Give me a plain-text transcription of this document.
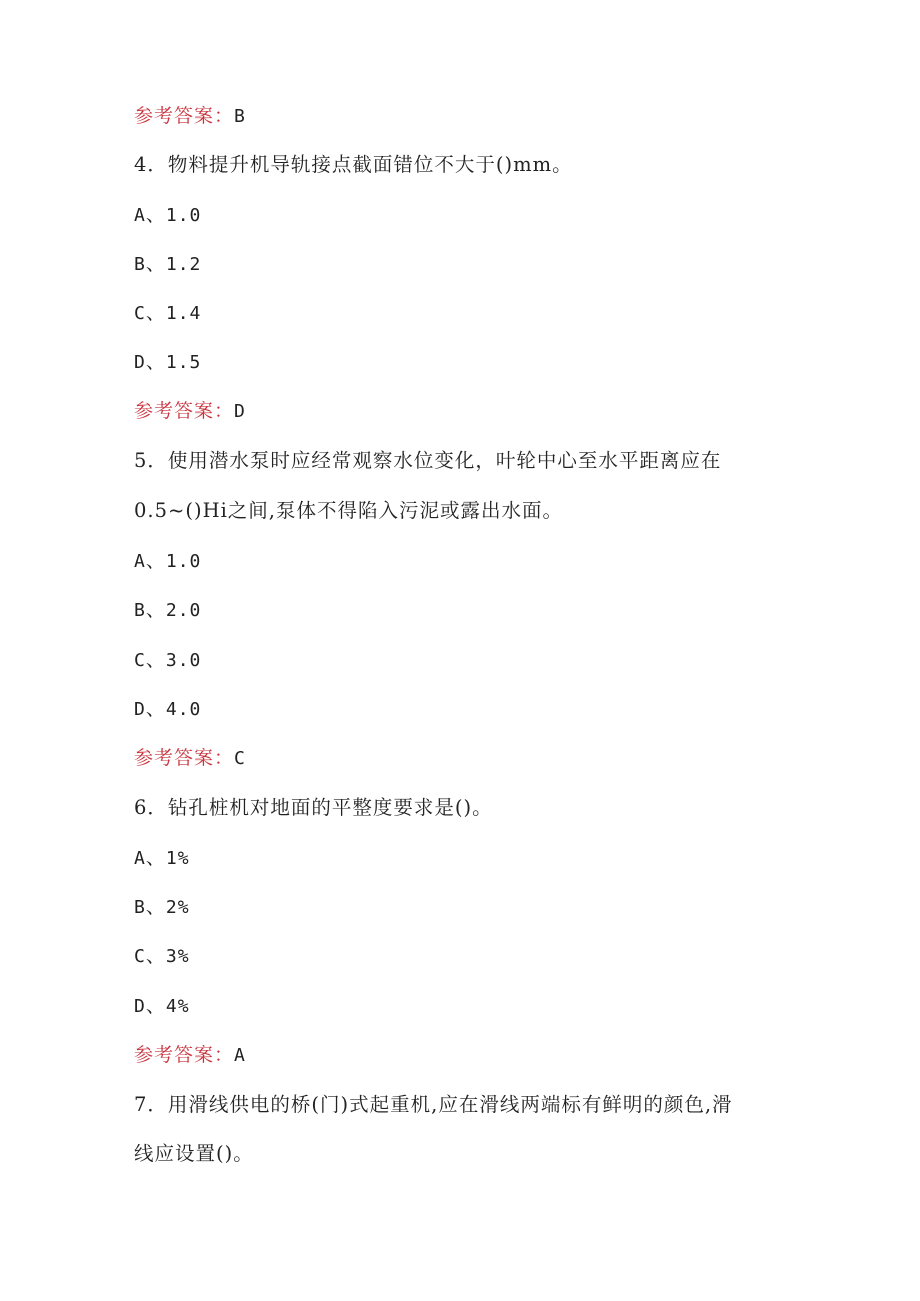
参考答案：B
4．物料提升机导轨接点截面错位不大于()mm。
A、1.0
B、1.2
C、1.4
D、1.5
参考答案：D
5．使用潜水泵时应经常观察水位变化，叶轮中心至水平距离应在
0.5~()Hi之间,泵体不得陷入污泥或露出水面。
A、1.0
B、2.0
C、3.0
D、4.0
参考答案：C
6．钻孔桩机对地面的平整度要求是()。
A、1%
B、2%
C、3%
D、4%
参考答案：A
7．用滑线供电的桥(门)式起重机,应在滑线两端标有鲜明的颜色,滑
线应设置()。
